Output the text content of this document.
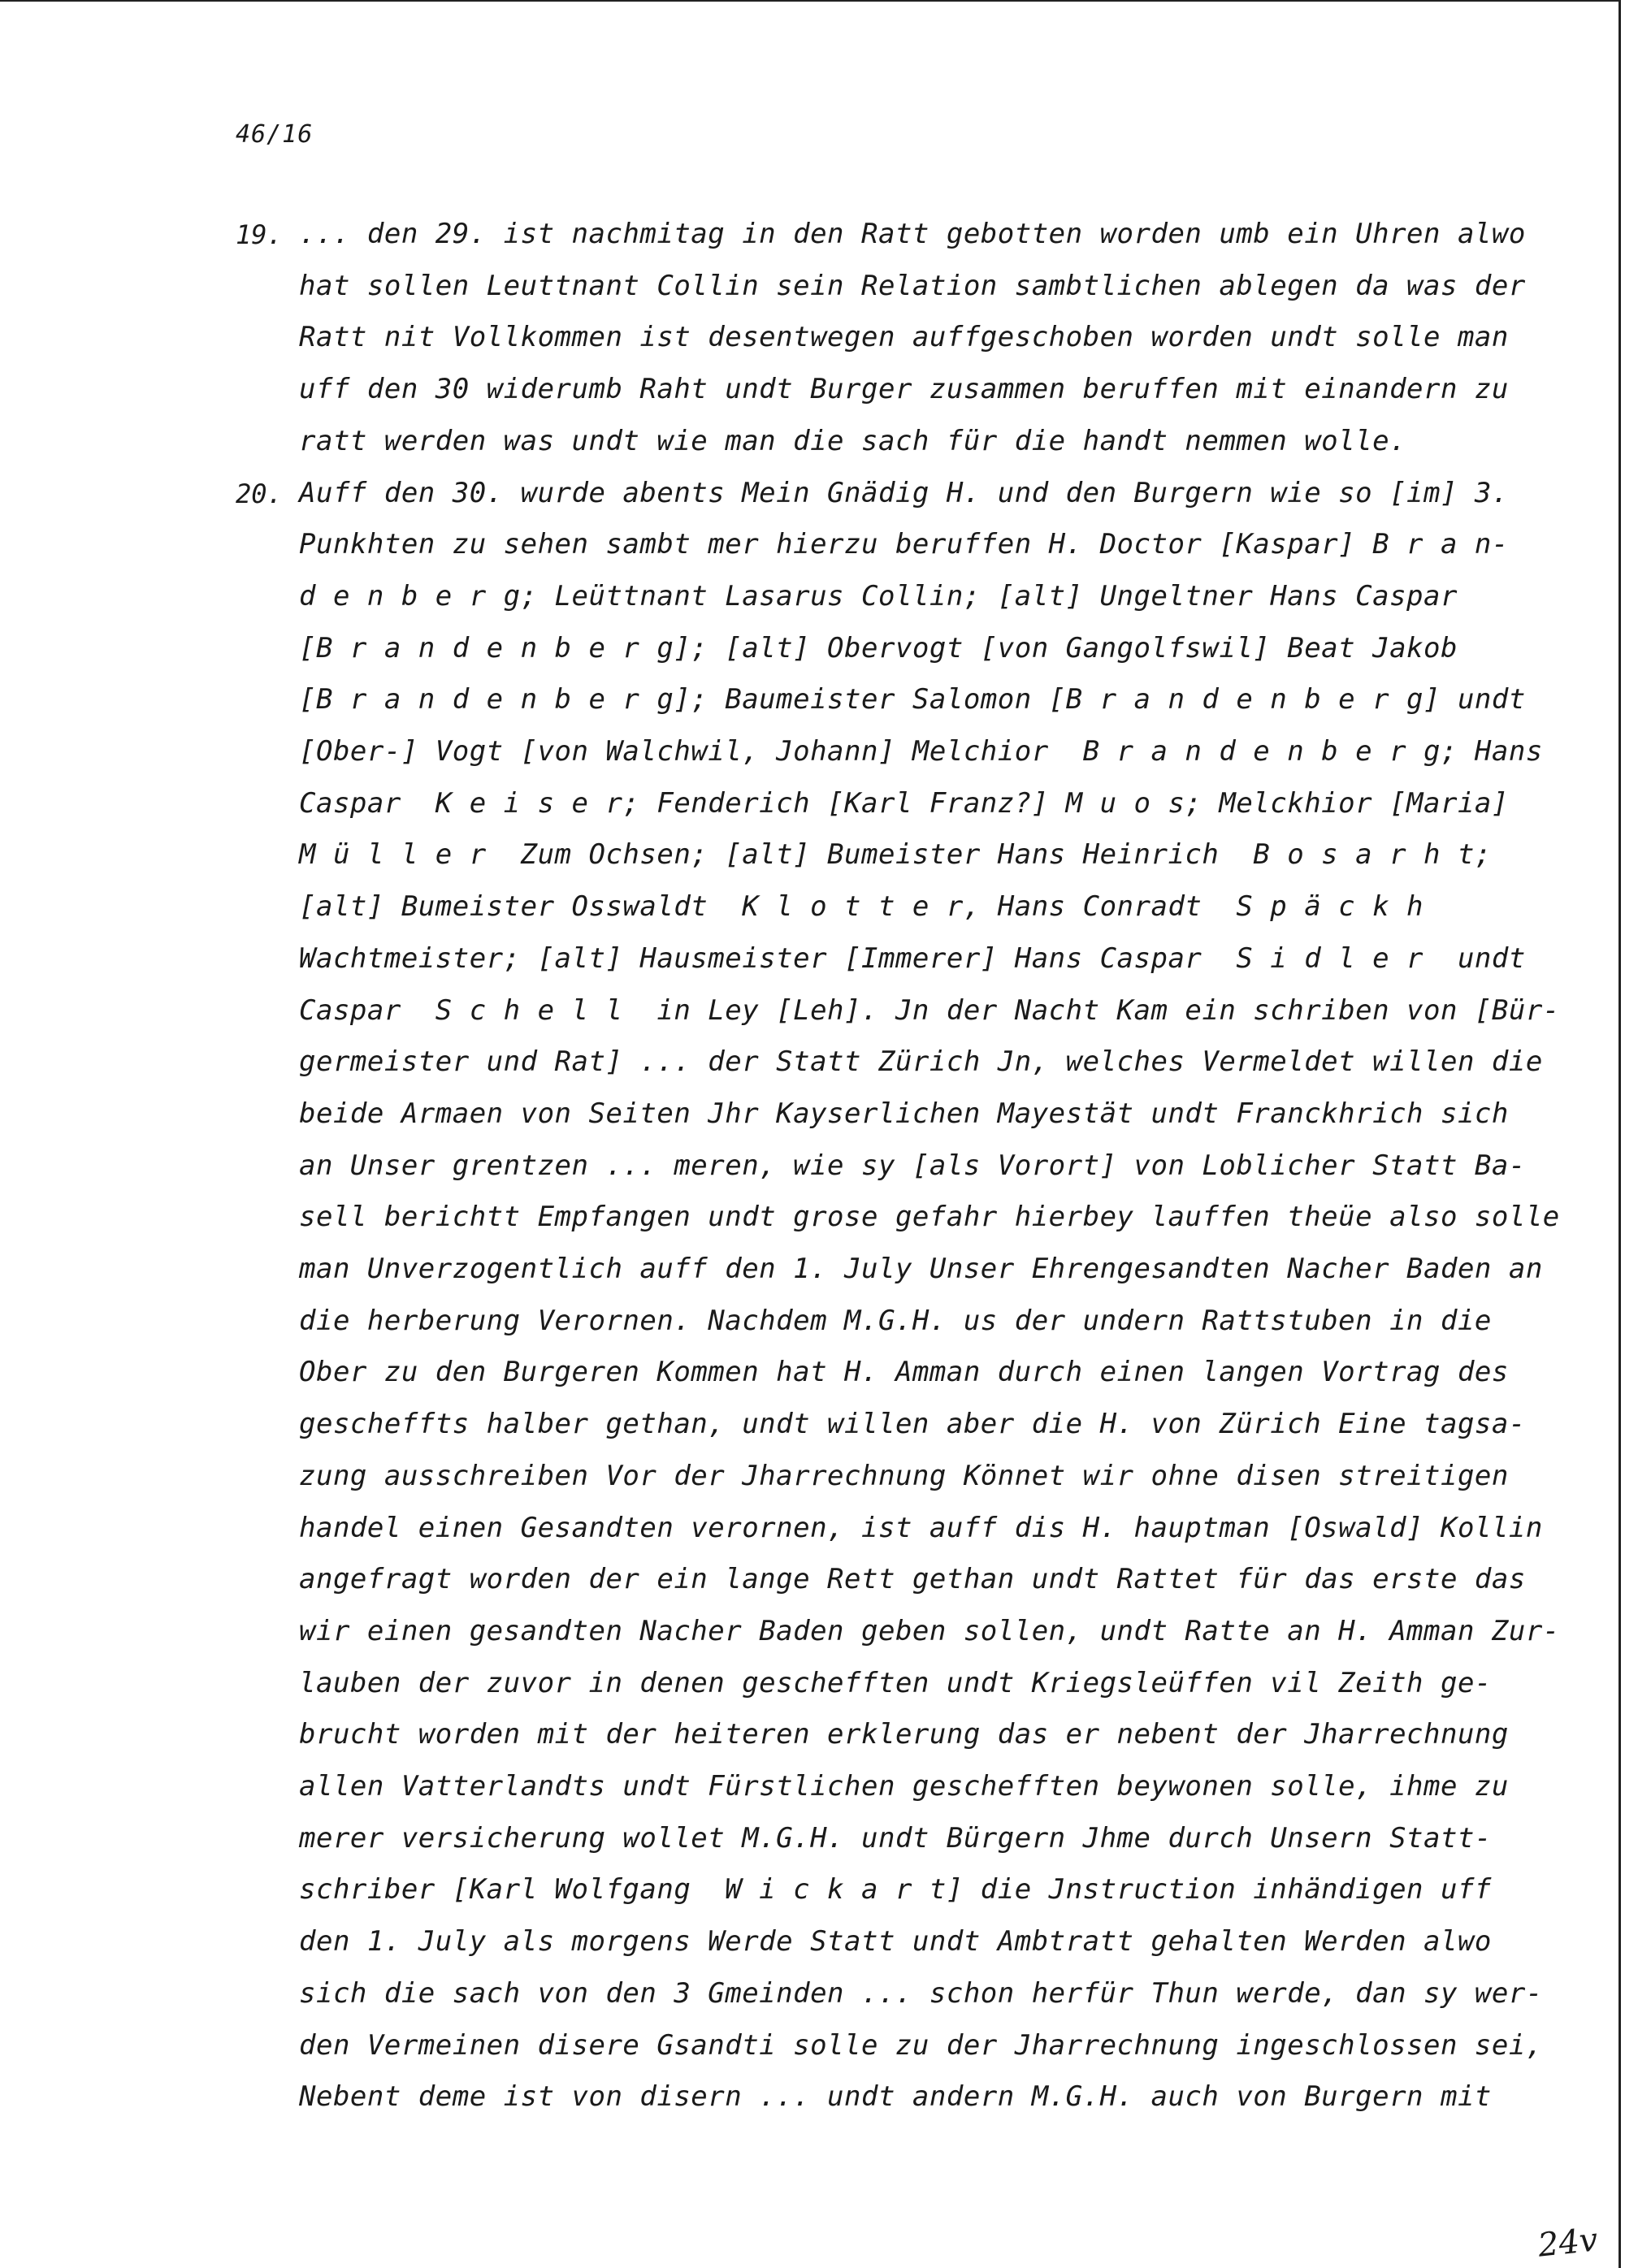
46/16
19. ... den 29. ist nachmitag in den Ratt gebotten worden umb ein Uhren alwo
hat sollen Leuttnant Collin sein Relation sambtlichen ablegen da was der
Ratt nit Vollkommen ist desentwegen auffgeschoben worden undt solle man
uff den 30 widerumb Raht undt Burger zusammen beruffen mit einandern zu
ratt werden was undt wie man die sach für die handt nemmen wolle.
20. Auff den 30. wurde abents Mein Gnädig H. und den Burgern wie so [im] 3.
Punkhten zu sehen sambt mer hierzu beruffen H. Doctor [Kaspar] B r a n-
d e n b e r g; Leüttnant Lasarus Collin; [alt] Ungeltner Hans Caspar
[B r a n d e n b e r g]; [alt] Obervogt [von Gangolfswil] Beat Jakob
[B r a n d e n b e r g]; Baumeister Salomon [B r a n d e n b e r g] undt
[Ober-] Vogt [von Walchwil, Johann] Melchior  B r a n d e n b e r g; Hans
Caspar  K e i s e r; Fenderich [Karl Franz?] M u o s; Melckhior [Maria]
M ü l l e r  Zum Ochsen; [alt] Bumeister Hans Heinrich  B o s a r h t;
[alt] Bumeister Osswaldt  K l o t t e r, Hans Conradt  S p ä c k h
Wachtmeister; [alt] Hausmeister [Immerer] Hans Caspar  S i d l e r  undt
Caspar  S c h e l l  in Ley [Leh]. Jn der Nacht Kam ein schriben von [Bür-
germeister und Rat] ... der Statt Zürich Jn, welches Vermeldet willen die
beide Armaen von Seiten Jhr Kayserlichen Mayestät undt Franckhrich sich
an Unser grentzen ... meren, wie sy [als Vorort] von Loblicher Statt Ba-
sell berichtt Empfangen undt grose gefahr hierbey lauffen theüe also solle
man Unverzogentlich auff den 1. July Unser Ehrengesandten Nacher Baden an
die herberung Verornen. Nachdem M.G.H. us der undern Rattstuben in die
Ober zu den Burgeren Kommen hat H. Amman durch einen langen Vortrag des
gescheffts halber gethan, undt willen aber die H. von Zürich Eine tagsa-
zung ausschreiben Vor der Jharrechnung Könnet wir ohne disen streitigen
handel einen Gesandten verornen, ist auff dis H. hauptman [Oswald] Kollin
angefragt worden der ein lange Rett gethan undt Rattet für das erste das
wir einen gesandten Nacher Baden geben sollen, undt Ratte an H. Amman Zur-
lauben der zuvor in denen geschefften undt Kriegsleüffen vil Zeith ge-
brucht worden mit der heiteren erklerung das er nebent der Jharrechnung
allen Vatterlandts undt Fürstlichen geschefften beywonen solle, ihme zu
merer versicherung wollet M.G.H. undt Bürgern Jhme durch Unsern Statt-
schriber [Karl Wolfgang  W i c k a r t] die Jnstruction inhändigen uff
den 1. July als morgens Werde Statt undt Ambtratt gehalten Werden alwo
sich die sach von den 3 Gmeinden ... schon herfür Thun werde, dan sy wer-
den Vermeinen disere Gsandti solle zu der Jharrechnung ingeschlossen sei,
Nebent deme ist von disern ... undt andern M.G.H. auch von Burgern mit
24v
